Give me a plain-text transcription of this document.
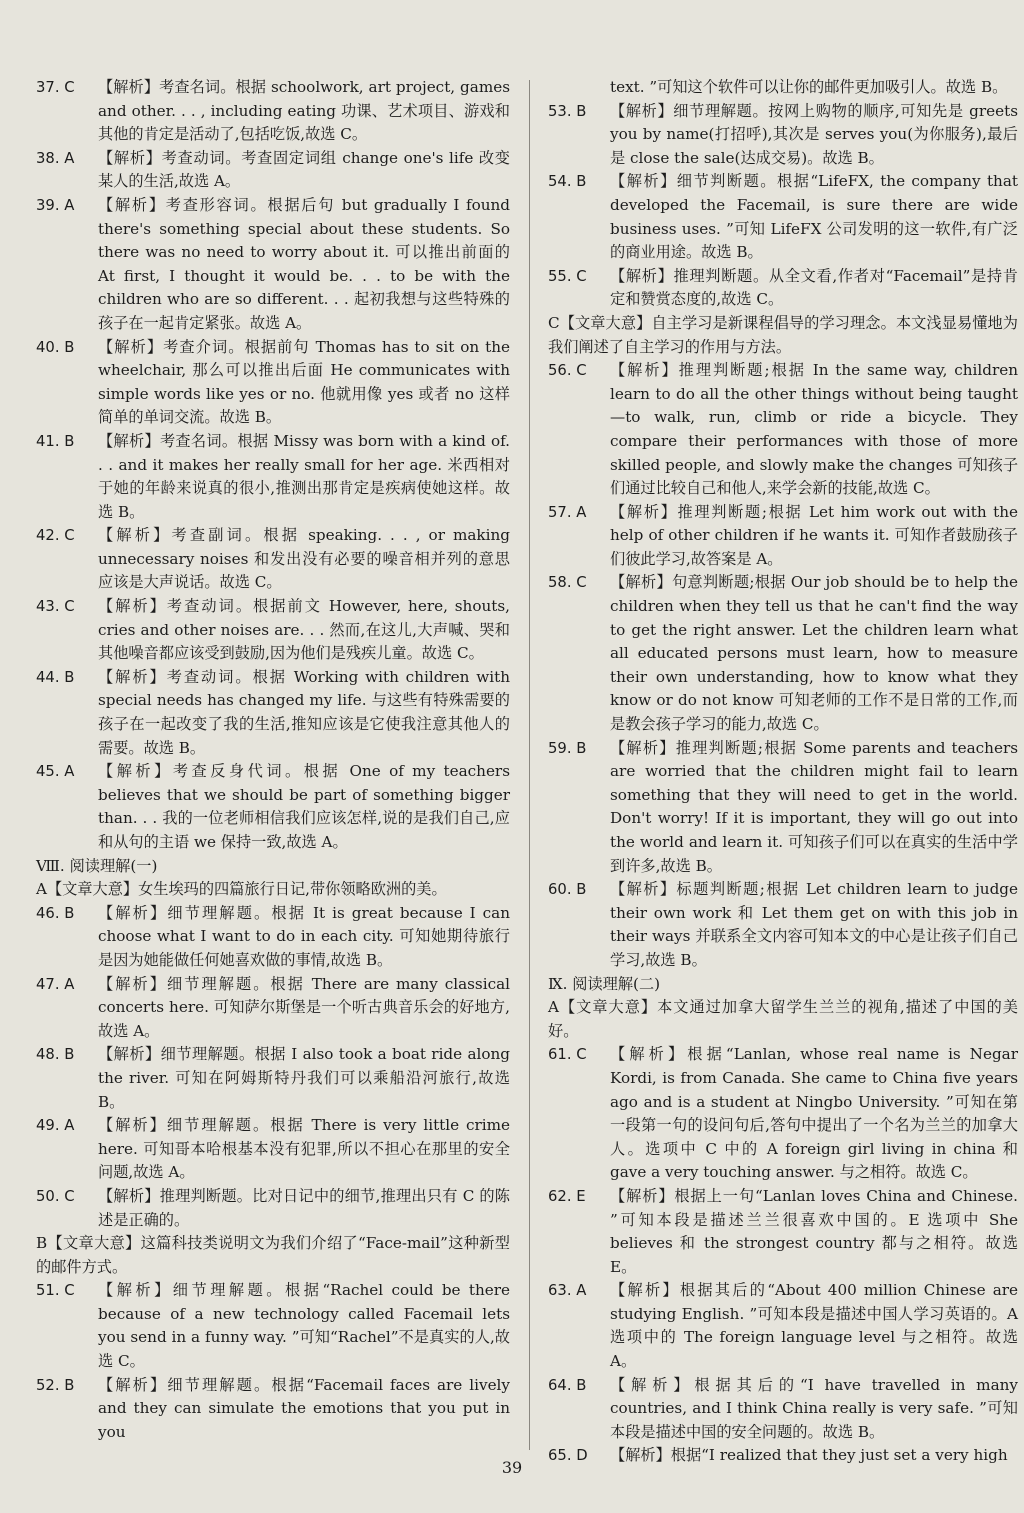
37. C	【解析】考查名词。根据 schoolwork, art project, games and other. . . , including eating 功课、艺术项目、游戏和其他的肯定是活动了,包括吃饭,故选 C。
38. A	【解析】考查动词。考查固定词组 change one's life 改变某人的生活,故选 A。
39. A	【解析】考查形容词。根据后句 but gradually I found there's something special about these students. So there was no need to worry about it. 可以推出前面的 At first, I thought it would be. . . to be with the children who are so different. . . 起初我想与这些特殊的孩子在一起肯定紧张。故选 A。
40. B	【解析】考查介词。根据前句 Thomas has to sit on the wheelchair, 那么可以推出后面 He communicates with simple words like yes or no. 他就用像 yes 或者 no 这样简单的单词交流。故选 B。
41. B	【解析】考查名词。根据 Missy was born with a kind of. . . and it makes her really small for her age. 米西相对于她的年龄来说真的很小,推测出那肯定是疾病使她这样。故选 B。
42. C	【解析】考查副词。根据 speaking. . . , or making unnecessary noises 和发出没有必要的噪音相并列的意思应该是大声说话。故选 C。
43. C	【解析】考查动词。根据前文 However, here, shouts, cries and other noises are. . . 然而,在这儿,大声喊、哭和其他噪音都应该受到鼓励,因为他们是残疾儿童。故选 C。
44. B	【解析】考查动词。根据 Working with children with special needs has changed my life. 与这些有特殊需要的孩子在一起改变了我的生活,推知应该是它使我注意其他人的需要。故选 B。
45. A	【解析】考查反身代词。根据 One of my teachers believes that we should be part of something bigger than. . . 我的一位老师相信我们应该怎样,说的是我们自己,应和从句的主语 we 保持一致,故选 A。
Ⅷ. 阅读理解(一)
A【文章大意】女生埃玛的四篇旅行日记,带你领略欧洲的美。
46. B	【解析】细节理解题。根据 It is great because I can choose what I want to do in each city. 可知她期待旅行是因为她能做任何她喜欢做的事情,故选 B。
47. A	【解析】细节理解题。根据 There are many classical concerts here. 可知萨尔斯堡是一个听古典音乐会的好地方,故选 A。
48. B	【解析】细节理解题。根据 I also took a boat ride along the river. 可知在阿姆斯特丹我们可以乘船沿河旅行,故选 B。
49. A	【解析】细节理解题。根据 There is very little crime here. 可知哥本哈根基本没有犯罪,所以不担心在那里的安全问题,故选 A。
50. C	【解析】推理判断题。比对日记中的细节,推理出只有 C 的陈述是正确的。
B【文章大意】这篇科技类说明文为我们介绍了“Face-mail”这种新型的邮件方式。
51. C	【解析】细节理解题。根据“Rachel could be there because of a new technology called Facemail lets you send in a funny way. ”可知“Rachel”不是真实的人,故选 C。
52. B	【解析】细节理解题。根据“Facemail faces are lively and they can simulate the emotions that you put in you
text. ”可知这个软件可以让你的邮件更加吸引人。故选 B。
53. B	【解析】细节理解题。按网上购物的顺序,可知先是 greets you by name(打招呼),其次是 serves you(为你服务),最后是 close the sale(达成交易)。故选 B。
54. B	【解析】细节判断题。根据“LifeFX, the company that developed the Facemail, is sure there are wide business uses. ”可知 LifeFX 公司发明的这一软件,有广泛的商业用途。故选 B。
55. C	【解析】推理判断题。从全文看,作者对“Facemail”是持肯定和赞赏态度的,故选 C。
C【文章大意】自主学习是新课程倡导的学习理念。本文浅显易懂地为我们阐述了自主学习的作用与方法。
56. C	【解析】推理判断题;根据 In the same way, children learn to do all the other things without being taught—to walk, run, climb or ride a bicycle. They compare their performances with those of more skilled people, and slowly make the changes 可知孩子们通过比较自己和他人,来学会新的技能,故选 C。
57. A	【解析】推理判断题;根据 Let him work out with the help of other children if he wants it. 可知作者鼓励孩子们彼此学习,故答案是 A。
58. C	【解析】句意判断题;根据 Our job should be to help the children when they tell us that he can't find the way to get the right answer. Let the children learn what all educated persons must learn, how to measure their own understanding, how to know what they know or do not know 可知老师的工作不是日常的工作,而是教会孩子学习的能力,故选 C。
59. B	【解析】推理判断题;根据 Some parents and teachers are worried that the children might fail to learn something that they will need to get in the world. Don't worry! If it is important, they will go out into the world and learn it. 可知孩子们可以在真实的生活中学到许多,故选 B。
60. B	【解析】标题判断题;根据 Let children learn to judge their own work 和 Let them get on with this job in their ways 并联系全文内容可知本文的中心是让孩子们自己学习,故选 B。
Ⅸ. 阅读理解(二)
A【文章大意】本文通过加拿大留学生兰兰的视角,描述了中国的美好。
61. C	【解析】根据“Lanlan, whose real name is Negar Kordi, is from Canada. She came to China five years ago and is a student at Ningbo University. ”可知在第一段第一句的设问句后,答句中提出了一个名为兰兰的加拿大人。选项中 C 中的 A foreign girl living in china 和 gave a very touching answer. 与之相符。故选 C。
62. E	【解析】根据上一句“Lanlan loves China and Chinese. ”可知本段是描述兰兰很喜欢中国的。E 选项中 She believes 和 the strongest country 都与之相符。故选 E。
63. A	【解析】根据其后的“About 400 million Chinese are studying English. ”可知本段是描述中国人学习英语的。A 选项中的 The foreign language level 与之相符。故选 A。
64. B	【解析】根据其后的“I have travelled in many countries, and I think China really is very safe. ”可知本段是描述中国的安全问题的。故选 B。
65. D	【解析】根据“I realized that they just set a very high
39
